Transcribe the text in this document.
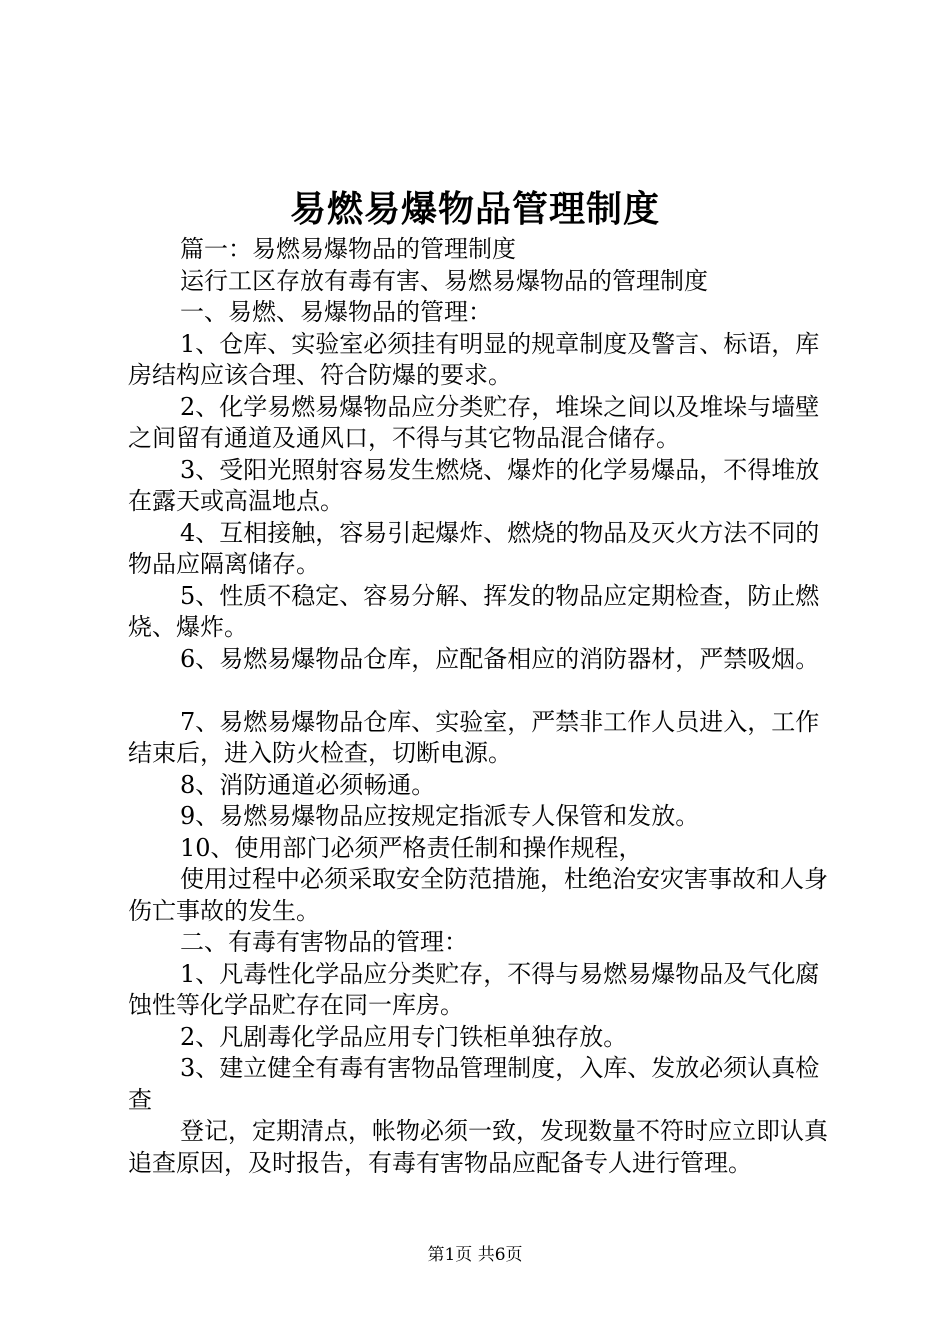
易燃易爆物品管理制度

篇一：易燃易爆物品的管理制度

运行工区存放有毒有害、易燃易爆物品的管理制度

一、易燃、易爆物品的管理：

1、仓库、实验室必须挂有明显的规章制度及警言、标语，库房结构应该合理、符合防爆的要求。

2、化学易燃易爆物品应分类贮存，堆垛之间以及堆垛与墙壁之间留有通道及通风口，不得与其它物品混合储存。

3、受阳光照射容易发生燃烧、爆炸的化学易爆品，不得堆放在露天或高温地点。

4、互相接触，容易引起爆炸、燃烧的物品及灭火方法不同的物品应隔离储存。

5、性质不稳定、容易分解、挥发的物品应定期检查，防止燃烧、爆炸。

6、易燃易爆物品仓库，应配备相应的消防器材，严禁吸烟。

7、易燃易爆物品仓库、实验室，严禁非工作人员进入，工作结束后，进入防火检查，切断电源。

8、消防通道必须畅通。

9、易燃易爆物品应按规定指派专人保管和发放。

10、使用部门必须严格责任制和操作规程，

使用过程中必须采取安全防范措施，杜绝治安灾害事故和人身伤亡事故的发生。

二、有毒有害物品的管理：

1、凡毒性化学品应分类贮存，不得与易燃易爆物品及气化腐蚀性等化学品贮存在同一库房。

2、凡剧毒化学品应用专门铁柜单独存放。

3、建立健全有毒有害物品管理制度，入库、发放必须认真检查

登记，定期清点，帐物必须一致，发现数量不符时应立即认真追查原因，及时报告，有毒有害物品应配备专人进行管理。

第1页 共6页
